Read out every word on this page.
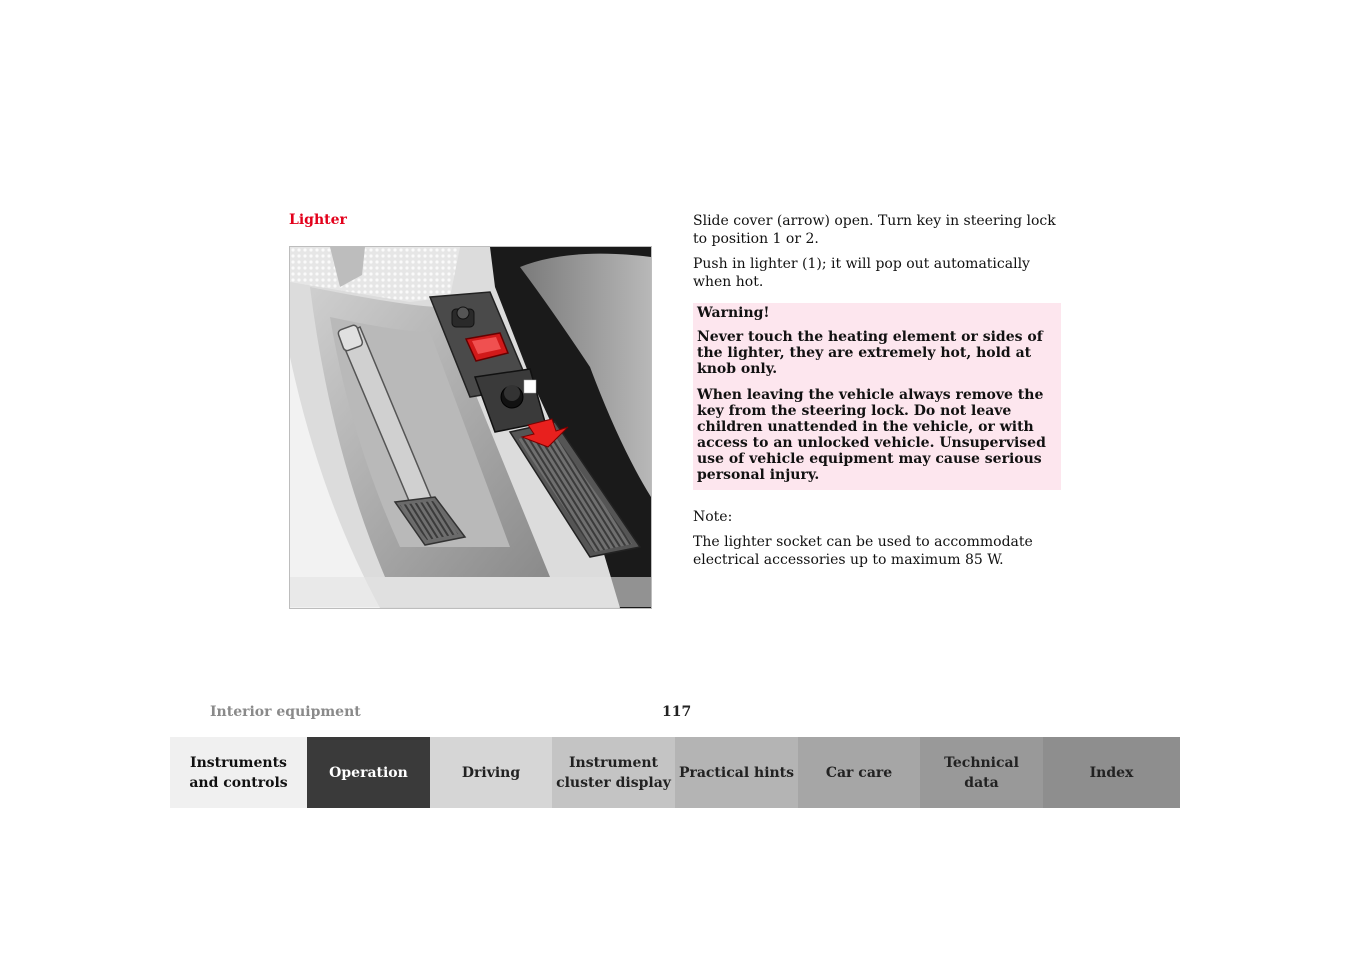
Lighter	Slide cover (arrow) open. Turn key in steering lock to position 1 or 2.

Push in lighter (1); it will pop out automatically when hot.

Warning!
Never touch the heating element or sides of the lighter, they are extremely hot, hold at knob only.
When leaving the vehicle always remove the key from the steering lock. Do not leave children unattended in the vehicle, or with access to an unlocked vehicle. Unsupervised use of vehicle equipment may cause serious personal injury.

Note:

The lighter socket can be used to accommodate electrical accessories up to maximum 85 W.

Interior equipment	117
Instruments
and controls
Operation	Driving
Instrument
cluster display
Practical hints	Car care
Technical
data
Index
